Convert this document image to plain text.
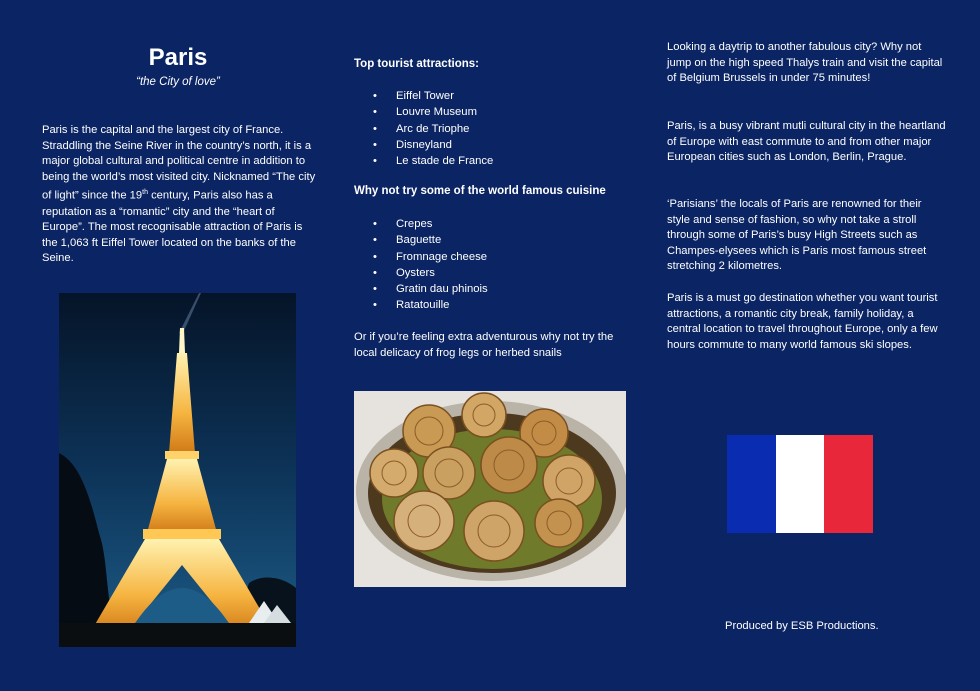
Paris
“the City of love”
Paris is the capital and the largest city of France. Straddling the Seine River in the country’s north, it is a major global cultural and political centre in addition to being the world’s most visited city. Nicknamed “The city of light” since the 19th century, Paris also has a reputation as a “romantic” city and the “heart of Europe”. The most recognisable attraction of Paris is the 1,063 ft Eiffel Tower located on the banks of the Seine.
Top tourist attractions:
• Eiffel Tower
• Louvre Museum
• Arc de Triophe
• Disneyland
• Le stade de France
Why not try some of the world famous cuisine
• Crepes
• Baguette
• Fromnage cheese
• Oysters
• Gratin dau phinois
• Ratatouille
Or if you’re feeling extra adventurous why not try the local delicacy of frog legs or herbed snails
Looking a daytrip to another fabulous city? Why not jump on the high speed Thalys train and visit the capital of Belgium Brussels in under 75 minutes!
Paris, is a busy vibrant mutli cultural city in the heartland of Europe with east commute to and from other major European cities such as London, Berlin, Prague.
‘Parisians’ the locals of Paris are renowned for their style and sense of fashion, so why not take a stroll through some of Paris’s busy High Streets such as Champes-elysees which is Paris most famous street stretching 2 kilometres.
Paris is a must go destination whether you want tourist attractions, a romantic city break, family holiday, a central location to travel throughout Europe, only a few hours commute to many world famous ski slopes.
Produced by ESB Productions.
